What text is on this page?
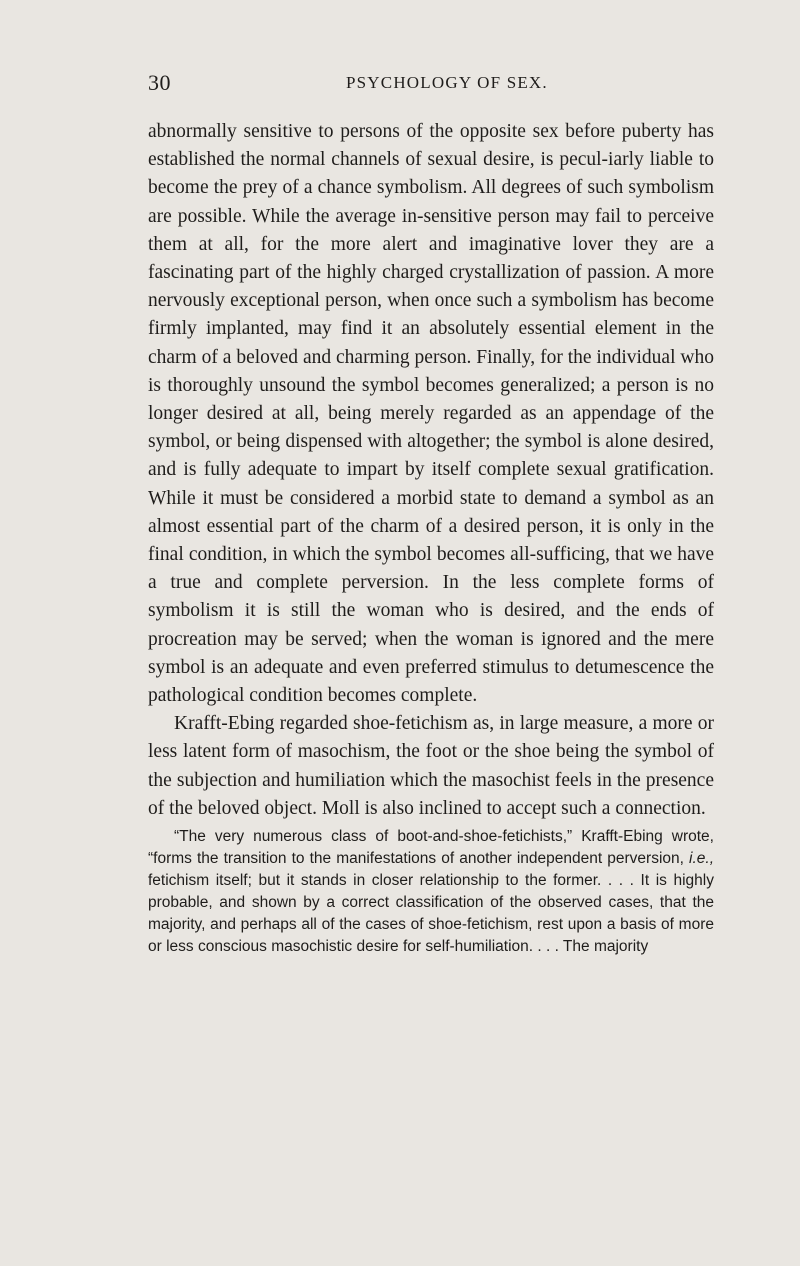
30	PSYCHOLOGY OF SEX.

abnormally sensitive to persons of the opposite sex before puberty has established the normal channels of sexual desire, is pecul-iarly liable to become the prey of a chance symbolism. All degrees of such symbolism are possible. While the average in-sensitive person may fail to perceive them at all, for the more alert and imaginative lover they are a fascinating part of the highly charged crystallization of passion. A more nervously exceptional person, when once such a symbolism has become firmly implanted, may find it an absolutely essential element in the charm of a beloved and charming person. Finally, for the individual who is thoroughly unsound the symbol becomes generalized; a person is no longer desired at all, being merely regarded as an appendage of the symbol, or being dispensed with altogether; the symbol is alone desired, and is fully adequate to impart by itself complete sexual gratification. While it must be considered a morbid state to demand a symbol as an almost essential part of the charm of a desired person, it is only in the final condition, in which the symbol becomes all-sufficing, that we have a true and complete perversion. In the less complete forms of symbolism it is still the woman who is desired, and the ends of procreation may be served; when the woman is ignored and the mere symbol is an adequate and even preferred stimulus to detumescence the pathological condition becomes complete.

Krafft-Ebing regarded shoe-fetichism as, in large measure, a more or less latent form of masochism, the foot or the shoe being the symbol of the subjection and humiliation which the masochist feels in the presence of the beloved object. Moll is also inclined to accept such a connection.

“The very numerous class of boot-and-shoe-fetichists,” Krafft-Ebing wrote, “forms the transition to the manifestations of another independent perversion, i.e., fetichism itself; but it stands in closer relationship to the former. . . . It is highly probable, and shown by a correct classification of the observed cases, that the majority, and perhaps all of the cases of shoe-fetichism, rest upon a basis of more or less conscious masochistic desire for self-humiliation. . . . The majority
